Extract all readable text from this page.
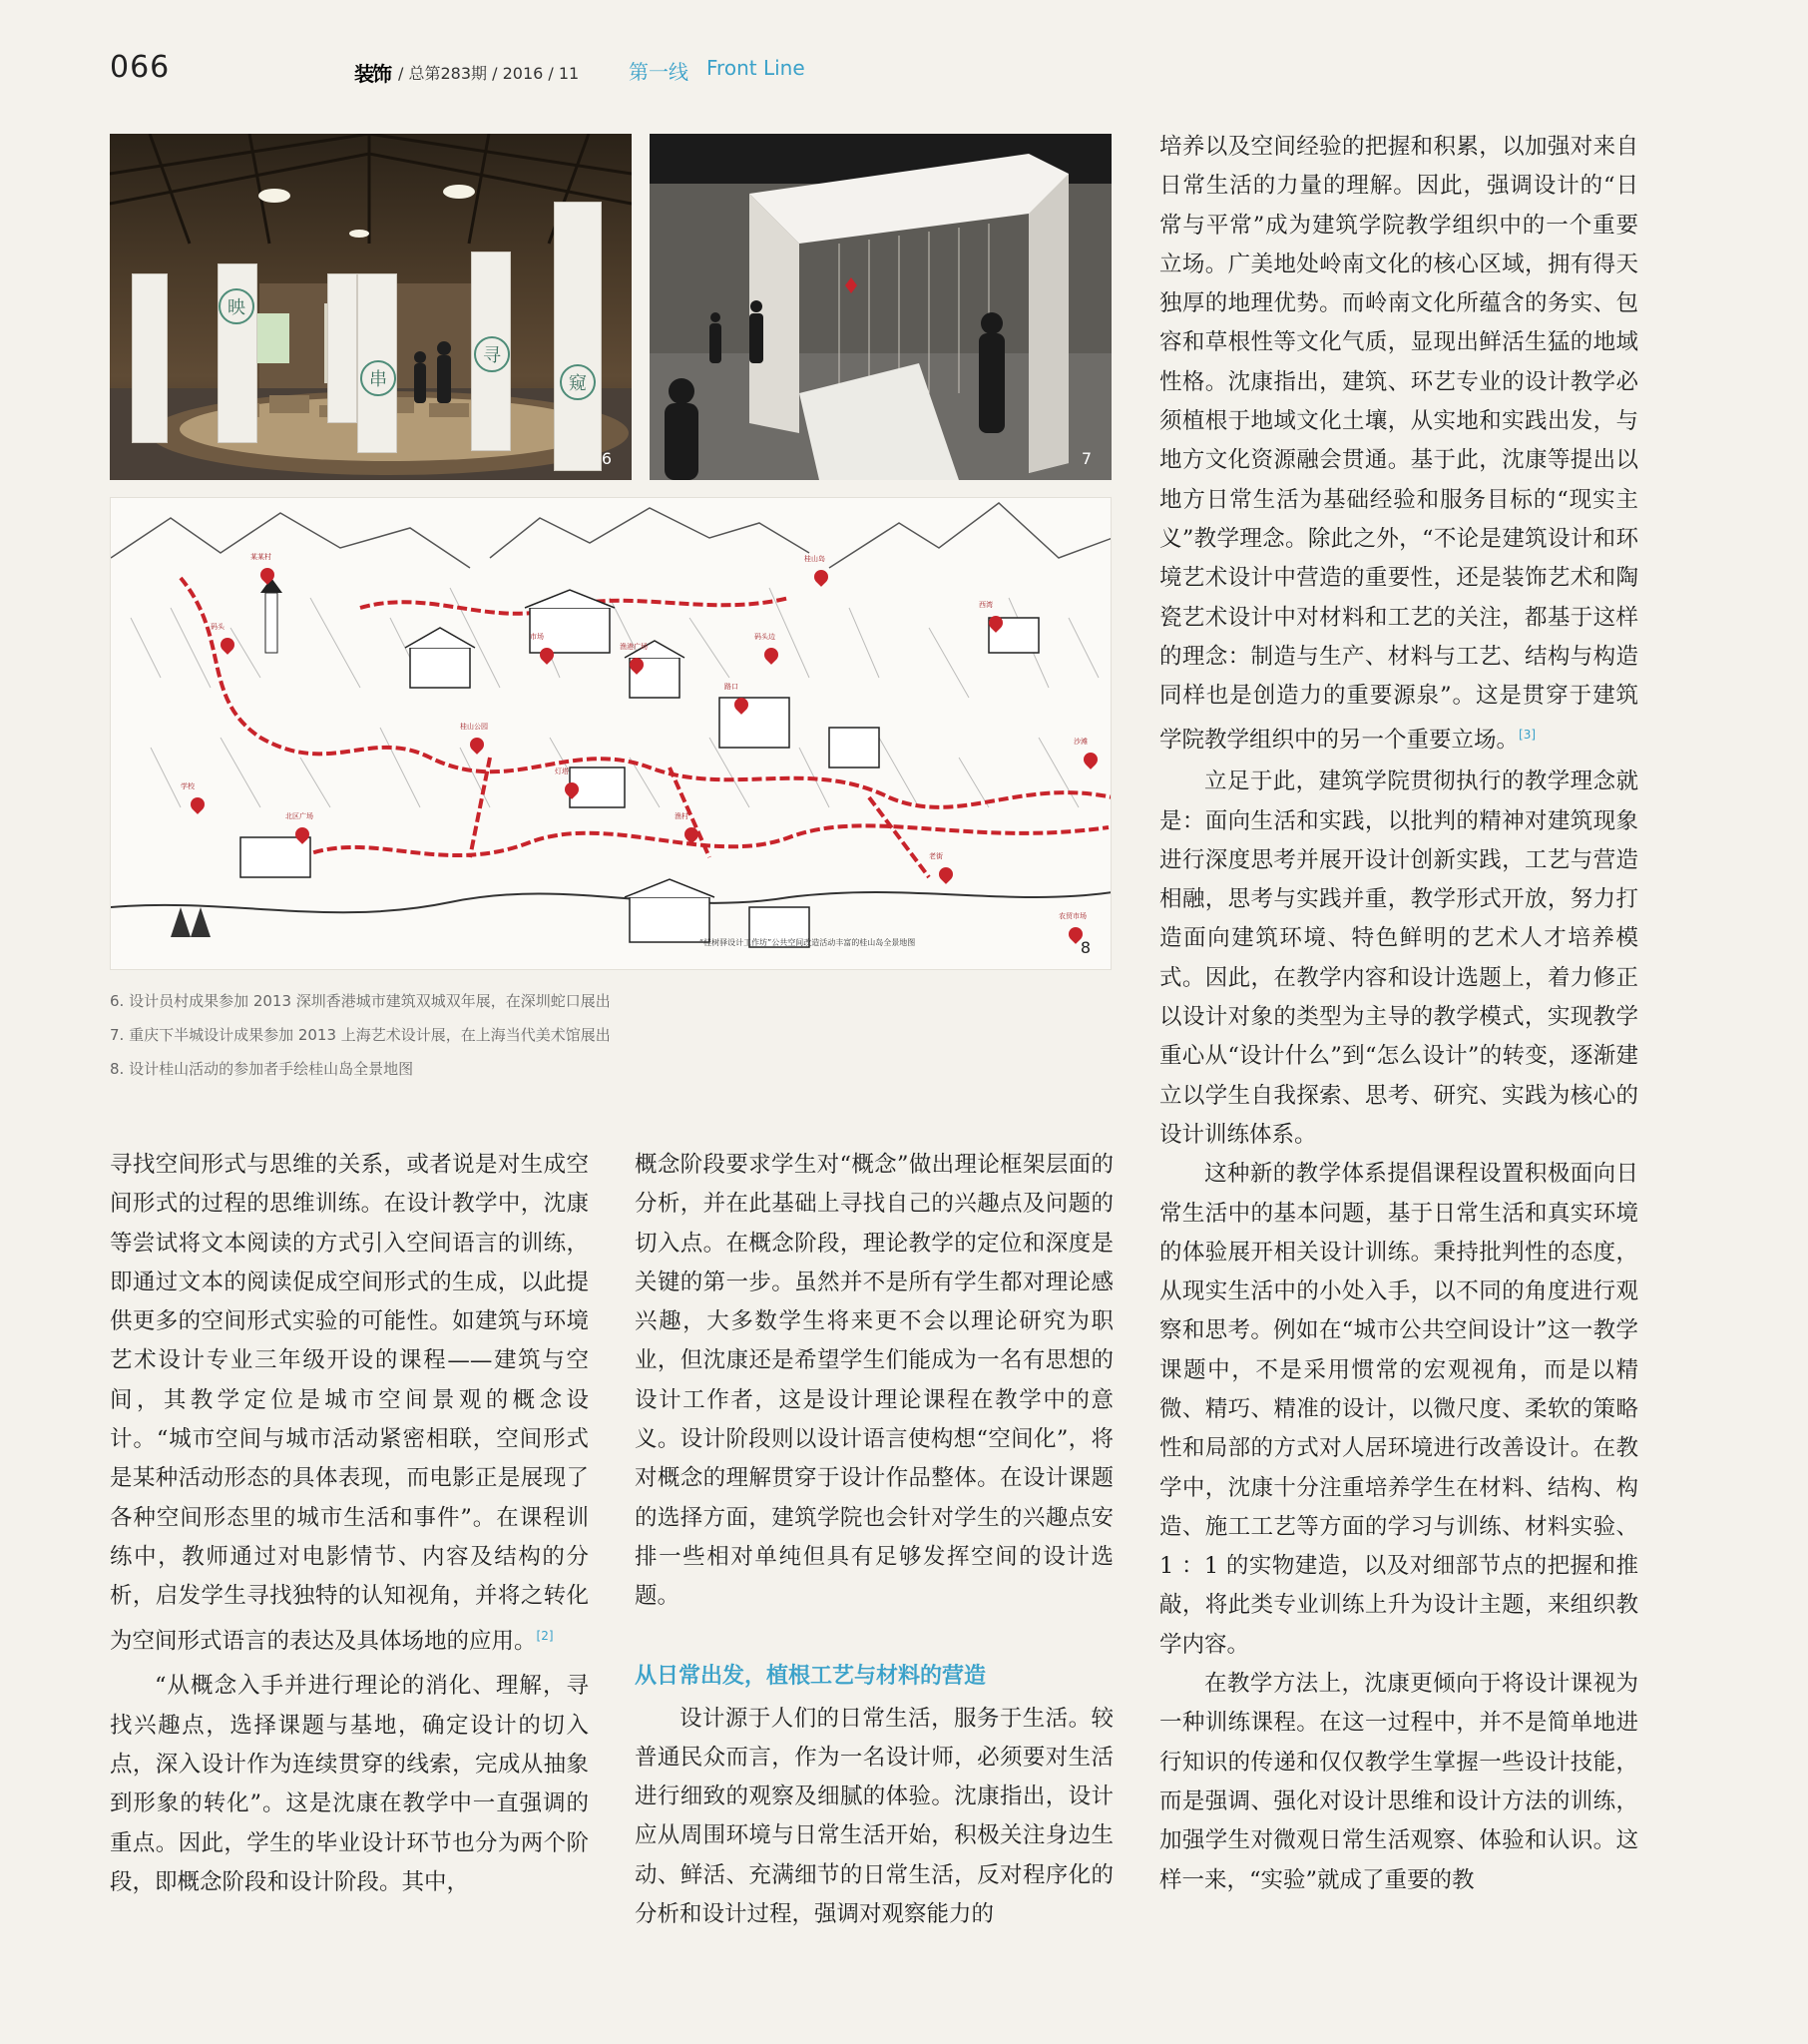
066	装饰 / 总第283期 / 2016 / 11 第一线 Front Line
映
串
寻
窥
6	7
某某村
码头
桂山岛
学校
北区广场
市场
路口
桂山公园
渔村
码头边
灯塔
西湾
沙滩
渔港广场
老街
农贸市场
“桂树驿设计工作坊”公共空间改造活动丰富的桂山岛全景地图	8
6. 设计员村成果参加 2013 深圳香港城市建筑双城双年展，在深圳蛇口展出
7. 重庆下半城设计成果参加 2013 上海艺术设计展，在上海当代美术馆展出
8. 设计桂山活动的参加者手绘桂山岛全景地图

寻找空间形式与思维的关系，或者说是对生成空间形式的过程的思维训练。在设计教学中，沈康等尝试将文本阅读的方式引入空间语言的训练，即通过文本的阅读促成空间形式的生成，以此提供更多的空间形式实验的可能性。如建筑与环境艺术设计专业三年级开设的课程——建筑与空间，其教学定位是城市空间景观的概念设计。“城市空间与城市活动紧密相联，空间形式是某种活动形态的具体表现，而电影正是展现了各种空间形态里的城市生活和事件”。在课程训练中，教师通过对电影情节、内容及结构的分析，启发学生寻找独特的认知视角，并将之转化为空间形式语言的表达及具体场地的应用。[2]

“从概念入手并进行理论的消化、理解，寻找兴趣点，选择课题与基地，确定设计的切入点，深入设计作为连续贯穿的线索，完成从抽象到形象的转化”。这是沈康在教学中一直强调的重点。因此，学生的毕业设计环节也分为两个阶段，即概念阶段和设计阶段。其中，

概念阶段要求学生对“概念”做出理论框架层面的分析，并在此基础上寻找自己的兴趣点及问题的切入点。在概念阶段，理论教学的定位和深度是关键的第一步。虽然并不是所有学生都对理论感兴趣，大多数学生将来更不会以理论研究为职业，但沈康还是希望学生们能成为一名有思想的设计工作者，这是设计理论课程在教学中的意义。设计阶段则以设计语言使构想“空间化”，将对概念的理解贯穿于设计作品整体。在设计课题的选择方面，建筑学院也会针对学生的兴趣点安排一些相对单纯但具有足够发挥空间的设计选题。

从日常出发，植根工艺与材料的营造

设计源于人们的日常生活，服务于生活。较普通民众而言，作为一名设计师，必须要对生活进行细致的观察及细腻的体验。沈康指出，设计应从周围环境与日常生活开始，积极关注身边生动、鲜活、充满细节的日常生活，反对程序化的分析和设计过程，强调对观察能力的

培养以及空间经验的把握和积累，以加强对来自日常生活的力量的理解。因此，强调设计的“日常与平常”成为建筑学院教学组织中的一个重要立场。广美地处岭南文化的核心区域，拥有得天独厚的地理优势。而岭南文化所蕴含的务实、包容和草根性等文化气质，显现出鲜活生猛的地域性格。沈康指出，建筑、环艺专业的设计教学必须植根于地域文化土壤，从实地和实践出发，与地方文化资源融会贯通。基于此，沈康等提出以地方日常生活为基础经验和服务目标的“现实主义”教学理念。除此之外，“不论是建筑设计和环境艺术设计中营造的重要性，还是装饰艺术和陶瓷艺术设计中对材料和工艺的关注，都基于这样的理念：制造与生产、材料与工艺、结构与构造同样也是创造力的重要源泉”。这是贯穿于建筑学院教学组织中的另一个重要立场。[3]

立足于此，建筑学院贯彻执行的教学理念就是：面向生活和实践，以批判的精神对建筑现象进行深度思考并展开设计创新实践，工艺与营造相融，思考与实践并重，教学形式开放，努力打造面向建筑环境、特色鲜明的艺术人才培养模式。因此，在教学内容和设计选题上，着力修正以设计对象的类型为主导的教学模式，实现教学重心从“设计什么”到“怎么设计”的转变，逐渐建立以学生自我探索、思考、研究、实践为核心的设计训练体系。

这种新的教学体系提倡课程设置积极面向日常生活中的基本问题，基于日常生活和真实环境的体验展开相关设计训练。秉持批判性的态度，从现实生活中的小处入手，以不同的角度进行观察和思考。例如在“城市公共空间设计”这一教学课题中，不是采用惯常的宏观视角，而是以精微、精巧、精准的设计，以微尺度、柔软的策略性和局部的方式对人居环境进行改善设计。在教学中，沈康十分注重培养学生在材料、结构、构造、施工工艺等方面的学习与训练、材料实验、1 ：1 的实物建造，以及对细部节点的把握和推敲，将此类专业训练上升为设计主题，来组织教学内容。

在教学方法上，沈康更倾向于将设计课视为一种训练课程。在这一过程中，并不是简单地进行知识的传递和仅仅教学生掌握一些设计技能，而是强调、强化对设计思维和设计方法的训练，加强学生对微观日常生活观察、体验和认识。这样一来，“实验”就成了重要的教
